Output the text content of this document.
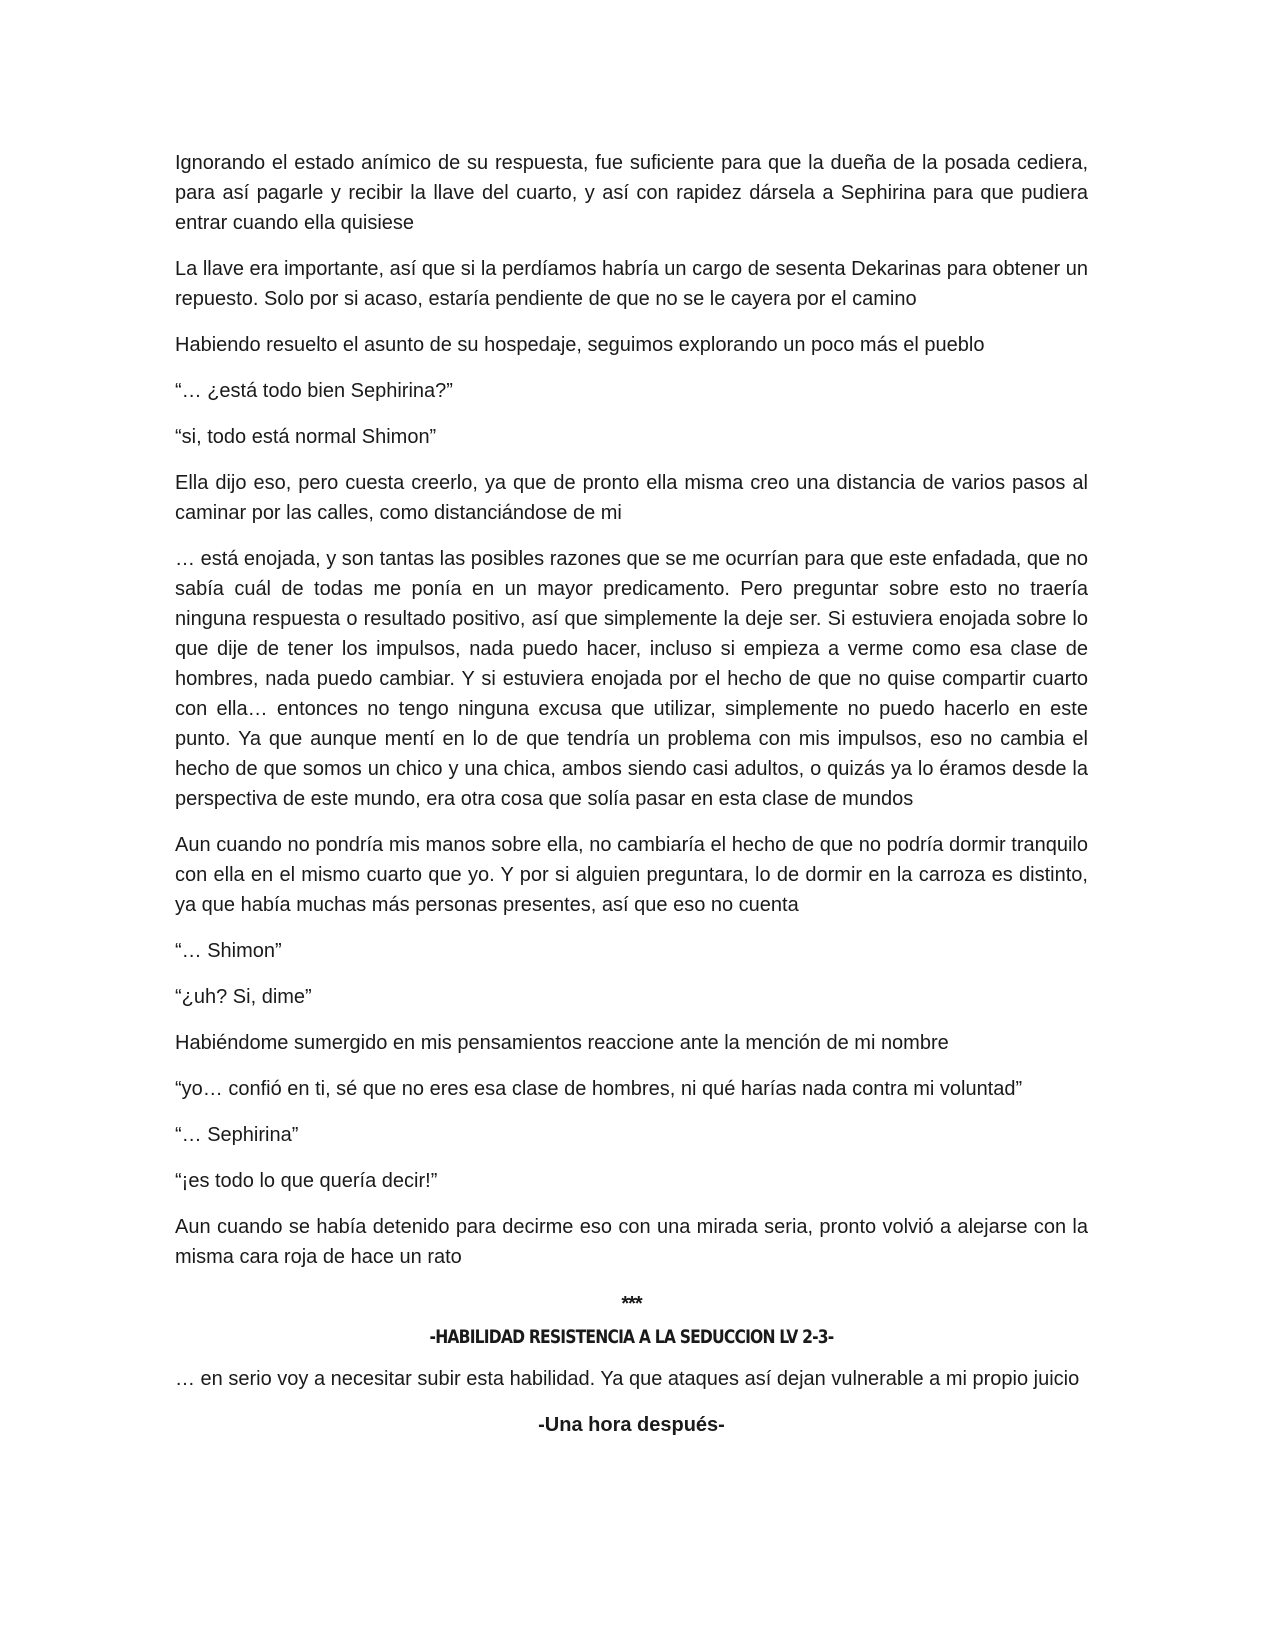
Ignorando el estado anímico de su respuesta, fue suficiente para que la dueña de la posada cediera, para así pagarle y recibir la llave del cuarto, y así con rapidez dársela a Sephirina para que pudiera entrar cuando ella quisiese

La llave era importante, así que si la perdíamos habría un cargo de sesenta Dekarinas para obtener un repuesto. Solo por si acaso, estaría pendiente de que no se le cayera por el camino

Habiendo resuelto el asunto de su hospedaje, seguimos explorando un poco más el pueblo

“… ¿está todo bien Sephirina?”

“si, todo está normal Shimon”

Ella dijo eso, pero cuesta creerlo, ya que de pronto ella misma creo una distancia de varios pasos al caminar por las calles, como distanciándose de mi

… está enojada, y son tantas las posibles razones que se me ocurrían para que este enfadada, que no sabía cuál de todas me ponía en un mayor predicamento. Pero preguntar sobre esto no traería ninguna respuesta o resultado positivo, así que simplemente la deje ser. Si estuviera enojada sobre lo que dije de tener los impulsos, nada puedo hacer, incluso si empieza a verme como esa clase de hombres, nada puedo cambiar. Y si estuviera enojada por el hecho de que no quise compartir cuarto con ella… entonces no tengo ninguna excusa que utilizar, simplemente no puedo hacerlo en este punto. Ya que aunque mentí en lo de que tendría un problema con mis impulsos, eso no cambia el hecho de que somos un chico y una chica, ambos siendo casi adultos, o quizás ya lo éramos desde la perspectiva de este mundo, era otra cosa que solía pasar en esta clase de mundos

Aun cuando no pondría mis manos sobre ella, no cambiaría el hecho de que no podría dormir tranquilo con ella en el mismo cuarto que yo. Y por si alguien preguntara, lo de dormir en la carroza es distinto, ya que había muchas más personas presentes, así que eso no cuenta

“… Shimon”

“¿uh? Si, dime”

Habiéndome sumergido en mis pensamientos reaccione ante la mención de mi nombre

“yo… confió en ti, sé que no eres esa clase de hombres, ni qué harías nada contra mi voluntad”

“… Sephirina”

“¡es todo lo que quería decir!”

Aun cuando se había detenido para decirme eso con una mirada seria, pronto volvió a alejarse con la misma cara roja de hace un rato

***
-HABILIDAD RESISTENCIA A LA SEDUCCION LV 2-3-

… en serio voy a necesitar subir esta habilidad. Ya que ataques así dejan vulnerable a mi propio juicio

-Una hora después-
